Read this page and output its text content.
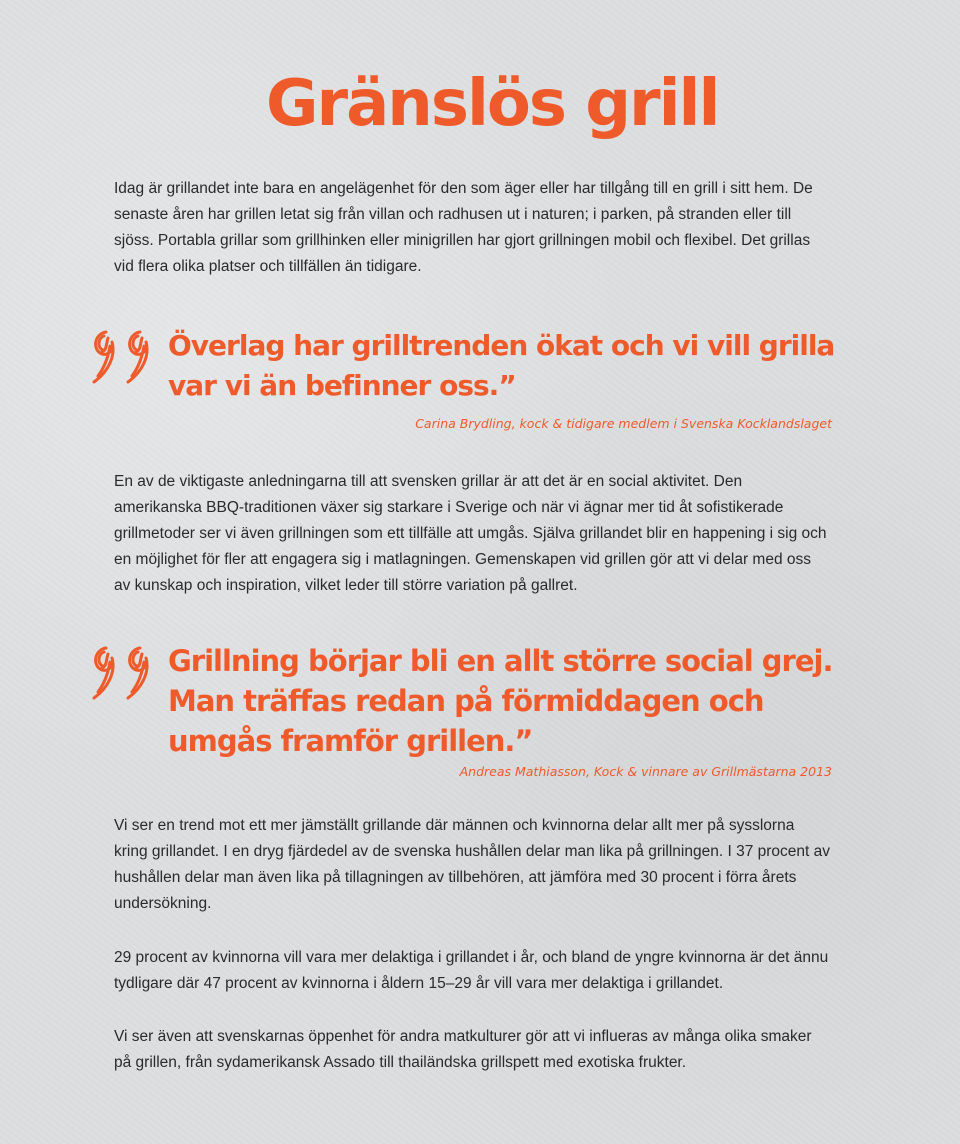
Gränslös grill

Idag är grillandet inte bara en angelägenhet för den som äger eller har tillgång till en grill i sitt hem. De senaste åren har grillen letat sig från villan och radhusen ut i naturen; i parken, på stranden eller till sjöss. Portabla grillar som grillhinken eller minigrillen har gjort grillningen mobil och flexibel. Det grillas vid flera olika platser och tillfällen än tidigare.

Överlag har grilltrenden ökat och vi vill grilla var vi än befinner oss.”

Carina Brydling, kock & tidigare medlem i Svenska Kocklandslaget

En av de viktigaste anledningarna till att svensken grillar är att det är en social aktivitet. Den amerikanska BBQ-traditionen växer sig starkare i Sverige och när vi ägnar mer tid åt sofistikerade grillmetoder ser vi även grillningen som ett tillfälle att umgås. Själva grillandet blir en happening i sig och en möjlighet för fler att engagera sig i matlagningen. Gemenskapen vid grillen gör att vi delar med oss av kunskap och inspiration, vilket leder till större variation på gallret.

Grillning börjar bli en allt större social grej. Man träffas redan på förmiddagen och umgås framför grillen.”

Andreas Mathiasson, Kock & vinnare av Grillmästarna 2013

Vi ser en trend mot ett mer jämställt grillande där männen och kvinnorna delar allt mer på sysslorna kring grillandet. I en dryg fjärdedel av de svenska hushållen delar man lika på grillningen. I 37 procent av hushållen delar man även lika på tillagningen av tillbehören, att jämföra med 30 procent i förra årets undersökning.

29 procent av kvinnorna vill vara mer delaktiga i grillandet i år, och bland de yngre kvinnorna är det ännu tydligare där 47 procent av kvinnorna i åldern 15–29 år vill vara mer delaktiga i grillandet.

Vi ser även att svenskarnas öppenhet för andra matkulturer gör att vi influeras av många olika smaker på grillen, från sydamerikansk Assado till thailändska grillspett med exotiska frukter.
